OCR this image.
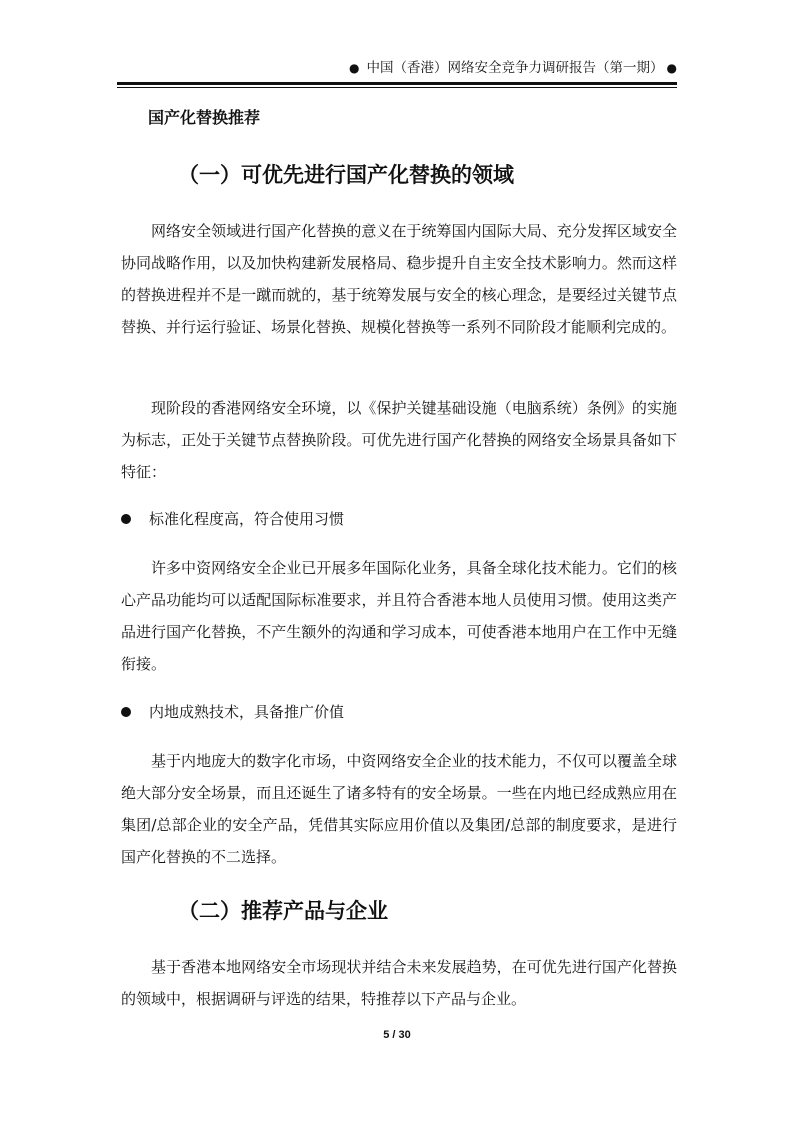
● 中国（香港）网络安全竞争力调研报告（第一期） ●
国产化替换推荐
（一）可优先进行国产化替换的领域

网络安全领域进行国产化替换的意义在于统筹国内国际大局、充分发挥区域安全协同战略作用，以及加快构建新发展格局、稳步提升自主安全技术影响力。然而这样的替换进程并不是一蹴而就的，基于统筹发展与安全的核心理念，是要经过关键节点替换、并行运行验证、场景化替换、规模化替换等一系列不同阶段才能顺利完成的。

现阶段的香港网络安全环境，以《保护关键基础设施（电脑系统）条例》的实施为标志，正处于关键节点替换阶段。可优先进行国产化替换的网络安全场景具备如下特征：

标准化程度高，符合使用习惯

许多中资网络安全企业已开展多年国际化业务，具备全球化技术能力。它们的核心产品功能均可以适配国际标准要求，并且符合香港本地人员使用习惯。使用这类产品进行国产化替换，不产生额外的沟通和学习成本，可使香港本地用户在工作中无缝衔接。

内地成熟技术，具备推广价值

基于内地庞大的数字化市场，中资网络安全企业的技术能力，不仅可以覆盖全球绝大部分安全场景，而且还诞生了诸多特有的安全场景。一些在内地已经成熟应用在集团/总部企业的安全产品，凭借其实际应用价值以及集团/总部的制度要求，是进行国产化替换的不二选择。

（二）推荐产品与企业

基于香港本地网络安全市场现状并结合未来发展趋势，在可优先进行国产化替换的领域中，根据调研与评选的结果，特推荐以下产品与企业。

5 / 30
